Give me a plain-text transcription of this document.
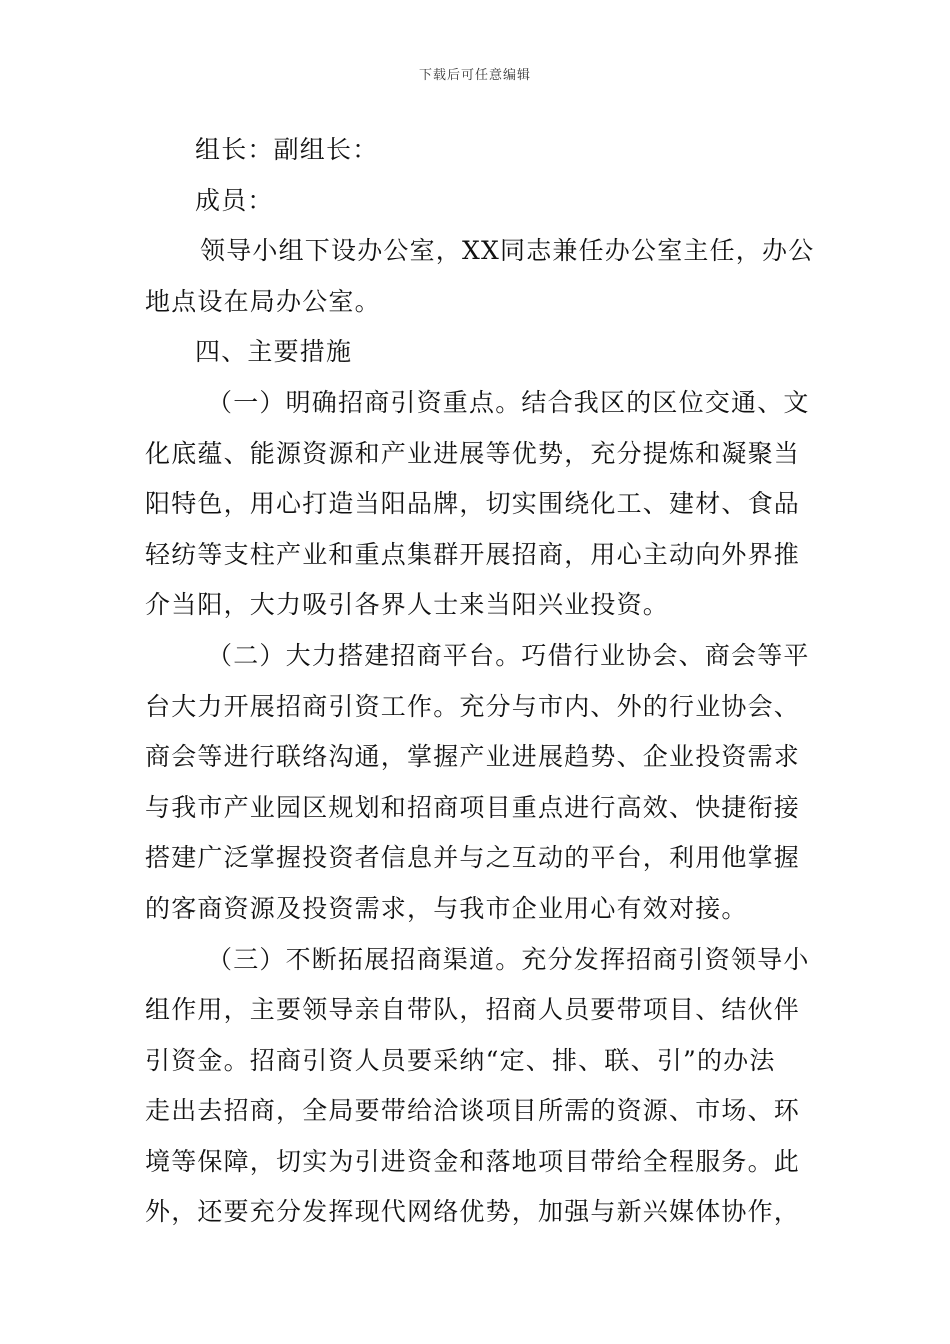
下载后可任意编辑
组长：副组长：
成员：
领导小组下设办公室，XX同志兼任办公室主任，办公
地点设在局办公室。
四、主要措施
（一）明确招商引资重点。结合我区的区位交通、文
化底蕴、能源资源和产业进展等优势，充分提炼和凝聚当
阳特色，用心打造当阳品牌，切实围绕化工、建材、食品
轻纺等支柱产业和重点集群开展招商，用心主动向外界推
介当阳，大力吸引各界人士来当阳兴业投资。
（二）大力搭建招商平台。巧借行业协会、商会等平
台大力开展招商引资工作。充分与市内、外的行业协会、
商会等进行联络沟通，掌握产业进展趋势、企业投资需求
与我市产业园区规划和招商项目重点进行高效、快捷衔接
搭建广泛掌握投资者信息并与之互动的平台，利用他掌握
的客商资源及投资需求，与我市企业用心有效对接。
（三）不断拓展招商渠道。充分发挥招商引资领导小
组作用，主要领导亲自带队，招商人员要带项目、结伙伴
引资金。招商引资人员要采纳“定、排、联、引”的办法
走出去招商，全局要带给洽谈项目所需的资源、市场、环
境等保障，切实为引进资金和落地项目带给全程服务。此
外，还要充分发挥现代网络优势，加强与新兴媒体协作，
